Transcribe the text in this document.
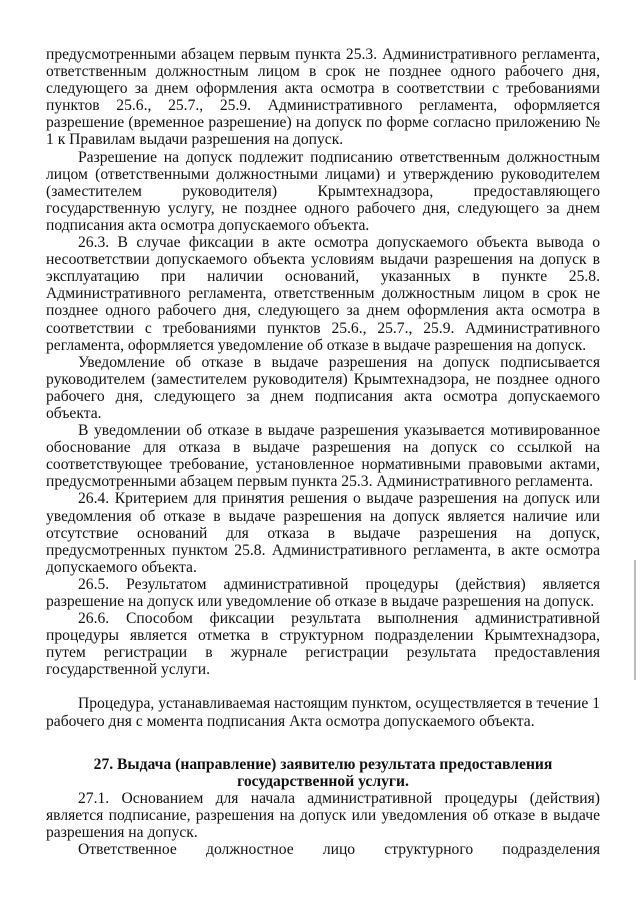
предусмотренными абзацем первым пункта 25.3. Административного регламента, ответственным должностным лицом в срок не позднее одного рабочего дня, следующего за днем оформления акта осмотра в соответствии с требованиями пунктов 25.6., 25.7., 25.9. Административного регламента, оформляется разрешение (временное разрешение) на допуск по форме согласно приложению № 1 к Правилам выдачи разрешения на допуск.

Разрешение на допуск подлежит подписанию ответственным должностным лицом (ответственными должностными лицами) и утверждению руководителем (заместителем руководителя) Крымтехнадзора, предоставляющего государственную услугу, не позднее одного рабочего дня, следующего за днем подписания акта осмотра допускаемого объекта.

26.3. В случае фиксации в акте осмотра допускаемого объекта вывода о несоответствии допускаемого объекта условиям выдачи разрешения на допуск в эксплуатацию при наличии оснований, указанных в пункте 25.8. Административного регламента, ответственным должностным лицом в срок не позднее одного рабочего дня, следующего за днем оформления акта осмотра в соответствии с требованиями пунктов 25.6., 25.7., 25.9. Административного регламента, оформляется уведомление об отказе в выдаче разрешения на допуск.

Уведомление об отказе в выдаче разрешения на допуск подписывается руководителем (заместителем руководителя) Крымтехнадзора, не позднее одного рабочего дня, следующего за днем подписания акта осмотра допускаемого объекта.

В уведомлении об отказе в выдаче разрешения указывается мотивированное обоснование для отказа в выдаче разрешения на допуск со ссылкой на соответствующее требование, установленное нормативными правовыми актами, предусмотренными абзацем первым пункта 25.3. Административного регламента.

26.4. Критерием для принятия решения о выдаче разрешения на допуск или уведомления об отказе в выдаче разрешения на допуск является наличие или отсутствие оснований для отказа в выдаче разрешения на допуск, предусмотренных пунктом 25.8. Административного регламента, в акте осмотра допускаемого объекта.

26.5. Результатом административной процедуры (действия) является разрешение на допуск или уведомление об отказе в выдаче разрешения на допуск.

26.6. Способом фиксации результата выполнения административной процедуры является отметка в структурном подразделении Крымтехнадзора, путем регистрации в журнале регистрации результата предоставления государственной услуги.

Процедура, устанавливаемая настоящим пунктом, осуществляется в течение 1 рабочего дня с момента подписания Акта осмотра допускаемого объекта.

27. Выдача (направление) заявителю результата предоставления государственной услуги.

27.1. Основанием для начала административной процедуры (действия) является подписание, разрешения на допуск или уведомления об отказе в выдаче разрешения на допуск.

Ответственное должностное лицо структурного подразделения
